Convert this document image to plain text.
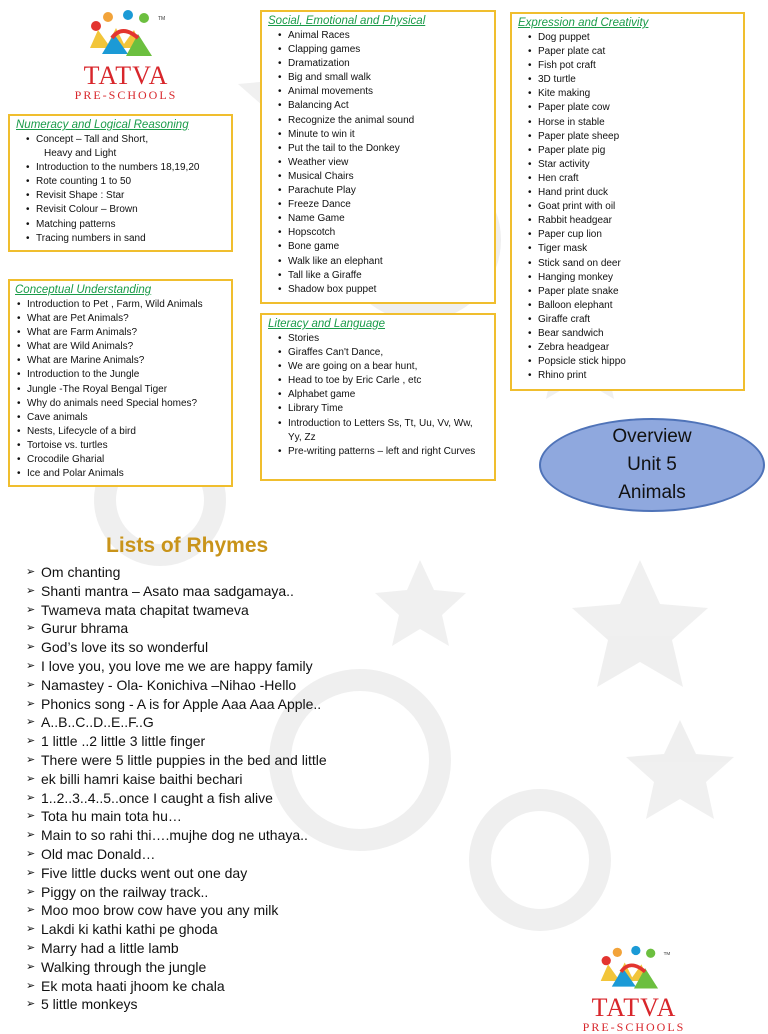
TM
TATVA
PRE-SCHOOLS
Numeracy and Logical Reasoning
• Concept – Tall and Short,
Heavy and Light
• Introduction to the numbers 18,19,20
• Rote counting 1 to 50
• Revisit Shape : Star
• Revisit Colour – Brown
• Matching patterns
• Tracing numbers in sand
Conceptual Understanding
• Introduction to Pet , Farm, Wild Animals
• What are Pet Animals?
• What are Farm Animals?
• What are Wild Animals?
• What are Marine Animals?
• Introduction to the Jungle
• Jungle -The Royal Bengal Tiger
• Why do animals need Special homes?
• Cave animals
• Nests, Lifecycle of a bird
• Tortoise vs. turtles
• Crocodile Gharial
• Ice and Polar Animals
Social, Emotional and Physical
• Animal Races
• Clapping games
• Dramatization
• Big and small walk
• Animal movements
• Balancing Act
• Recognize the animal sound
• Minute to win it
• Put the tail to the Donkey
• Weather view
• Musical Chairs
• Parachute Play
• Freeze Dance
• Name Game
• Hopscotch
• Bone game
• Walk like an elephant
• Tall like a Giraffe
• Shadow box puppet
Literacy and Language
• Stories
• Giraffes Can't Dance,
• We are going on a bear hunt,
• Head to toe by Eric Carle , etc
• Alphabet game
• Library Time
• Introduction to Letters Ss, Tt, Uu, Vv, Ww, Yy, Zz
• Pre-writing patterns – left and right Curves
Expression and Creativity
• Dog puppet
• Paper plate cat
• Fish pot craft
• 3D turtle
• Kite making
• Paper plate cow
• Horse in stable
• Paper plate sheep
• Paper plate pig
• Star activity
• Hen craft
• Hand print duck
• Goat print with oil
• Rabbit headgear
• Paper cup lion
• Tiger mask
• Stick sand on deer
• Hanging monkey
• Paper plate snake
• Balloon elephant
• Giraffe craft
• Bear sandwich
• Zebra headgear
• Popsicle stick hippo
• Rhino print
Overview
Unit 5
Animals
Lists of Rhymes
➢ Om chanting
➢ Shanti mantra – Asato maa sadgamaya..
➢ Twameva mata chapitat twameva
➢ Gurur bhrama
➢ God’s love its so wonderful
➢ I love you, you love me we are happy family
➢ Namastey - Ola- Konichiva –Nihao -Hello
➢ Phonics song - A is for Apple Aaa Aaa Apple..
➢ A..B..C..D..E..F..G
➢ 1 little ..2 little 3 little finger
➢ There were 5 little puppies in the bed and little
➢ ek billi hamri kaise baithi bechari
➢ 1..2..3..4..5..once I caught a fish alive
➢ Tota hu main tota hu…
➢ Main to so rahi thi….mujhe dog ne uthaya..
➢ Old mac Donald…
➢ Five little ducks went out one day
➢ Piggy on the railway track..
➢ Moo moo brow cow have you any milk
➢ Lakdi ki kathi kathi pe ghoda
➢ Marry had a little lamb
➢ Walking through the jungle
➢ Ek mota haati jhoom ke chala
➢ 5 little monkeys
TM
TATVA
PRE-SCHOOLS
